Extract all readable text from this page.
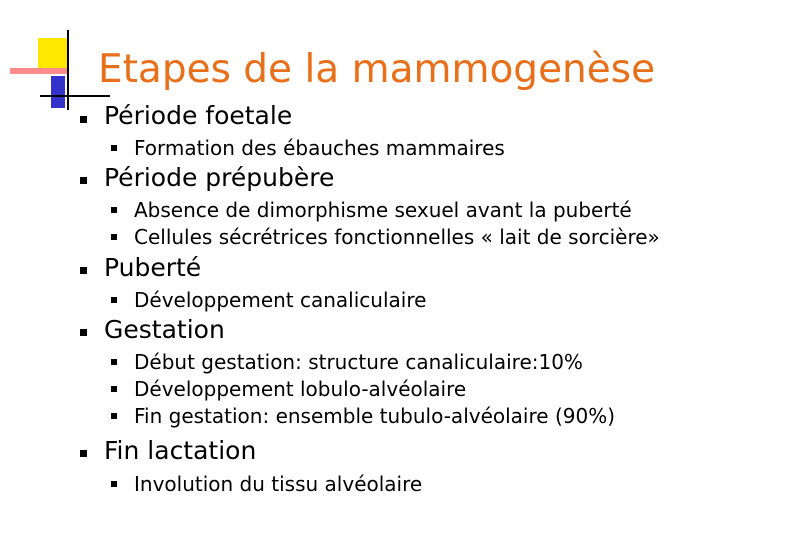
Etapes de la mammogenèse
Période foetale
Formation des ébauches mammaires
Période prépubère
Absence de dimorphisme sexuel avant la puberté
Cellules sécrétrices fonctionnelles « lait de sorcière»
Puberté
Développement canaliculaire
Gestation
Début gestation: structure canaliculaire:10%
Développement lobulo-alvéolaire
Fin gestation: ensemble tubulo-alvéolaire (90%)
Fin lactation
Involution du tissu alvéolaire
